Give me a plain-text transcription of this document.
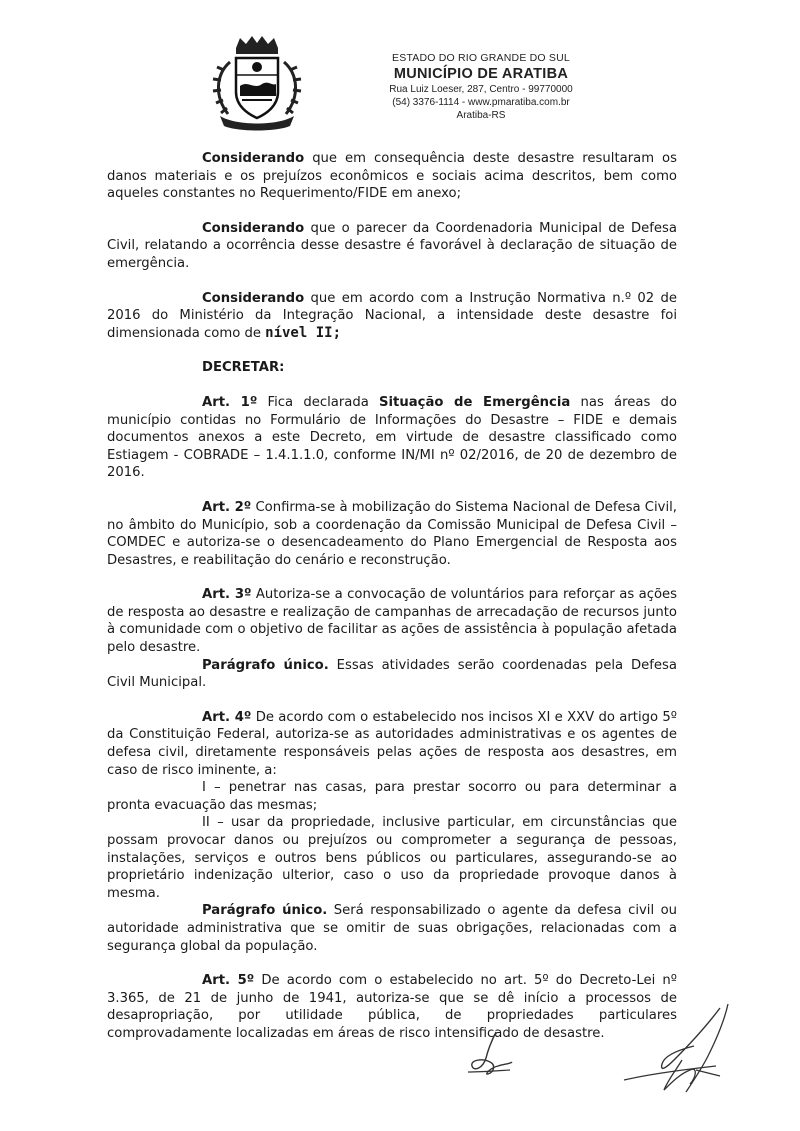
ESTADO DO RIO GRANDE DO SUL
MUNICÍPIO DE ARATIBA
Rua Luiz Loeser, 287, Centro - 99770000
(54) 3376-1114 - www.pmaratiba.com.br
Aratiba-RS

Considerando que em consequência deste desastre resultaram os danos materiais e os prejuízos econômicos e sociais acima descritos, bem como aqueles constantes no Requerimento/FIDE em anexo;

Considerando que o parecer da Coordenadoria Municipal de Defesa Civil, relatando a ocorrência desse desastre é favorável à declaração de situação de emergência.

Considerando que em acordo com a Instrução Normativa n.º 02 de 2016 do Ministério da Integração Nacional, a intensidade deste desastre foi dimensionada como de nível II;

DECRETAR:

Art. 1º Fica declarada Situação de Emergência nas áreas do município contidas no Formulário de Informações do Desastre – FIDE e demais documentos anexos a este Decreto, em virtude de desastre classificado como Estiagem - COBRADE – 1.4.1.1.0, conforme IN/MI nº 02/2016, de 20 de dezembro de 2016.

Art. 2º Confirma-se à mobilização do Sistema Nacional de Defesa Civil, no âmbito do Município, sob a coordenação da Comissão Municipal de Defesa Civil – COMDEC e autoriza-se o desencadeamento do Plano Emergencial de Resposta aos Desastres, e reabilitação do cenário e reconstrução.

Art. 3º Autoriza-se a convocação de voluntários para reforçar as ações de resposta ao desastre e realização de campanhas de arrecadação de recursos junto à comunidade com o objetivo de facilitar as ações de assistência à população afetada pelo desastre.

Parágrafo único. Essas atividades serão coordenadas pela Defesa Civil Municipal.

Art. 4º De acordo com o estabelecido nos incisos XI e XXV do artigo 5º da Constituição Federal, autoriza-se as autoridades administrativas e os agentes de defesa civil, diretamente responsáveis pelas ações de resposta aos desastres, em caso de risco iminente, a:

I – penetrar nas casas, para prestar socorro ou para determinar a pronta evacuação das mesmas;

II – usar da propriedade, inclusive particular, em circunstâncias que possam provocar danos ou prejuízos ou comprometer a segurança de pessoas, instalações, serviços e outros bens públicos ou particulares, assegurando-se ao proprietário indenização ulterior, caso o uso da propriedade provoque danos à mesma.

Parágrafo único. Será responsabilizado o agente da defesa civil ou autoridade administrativa que se omitir de suas obrigações, relacionadas com a segurança global da população.

Art. 5º De acordo com o estabelecido no art. 5º do Decreto-Lei nº 3.365, de 21 de junho de 1941, autoriza-se que se dê início a processos de desapropriação, por utilidade pública, de propriedades particulares comprovadamente localizadas em áreas de risco intensificado de desastre.
